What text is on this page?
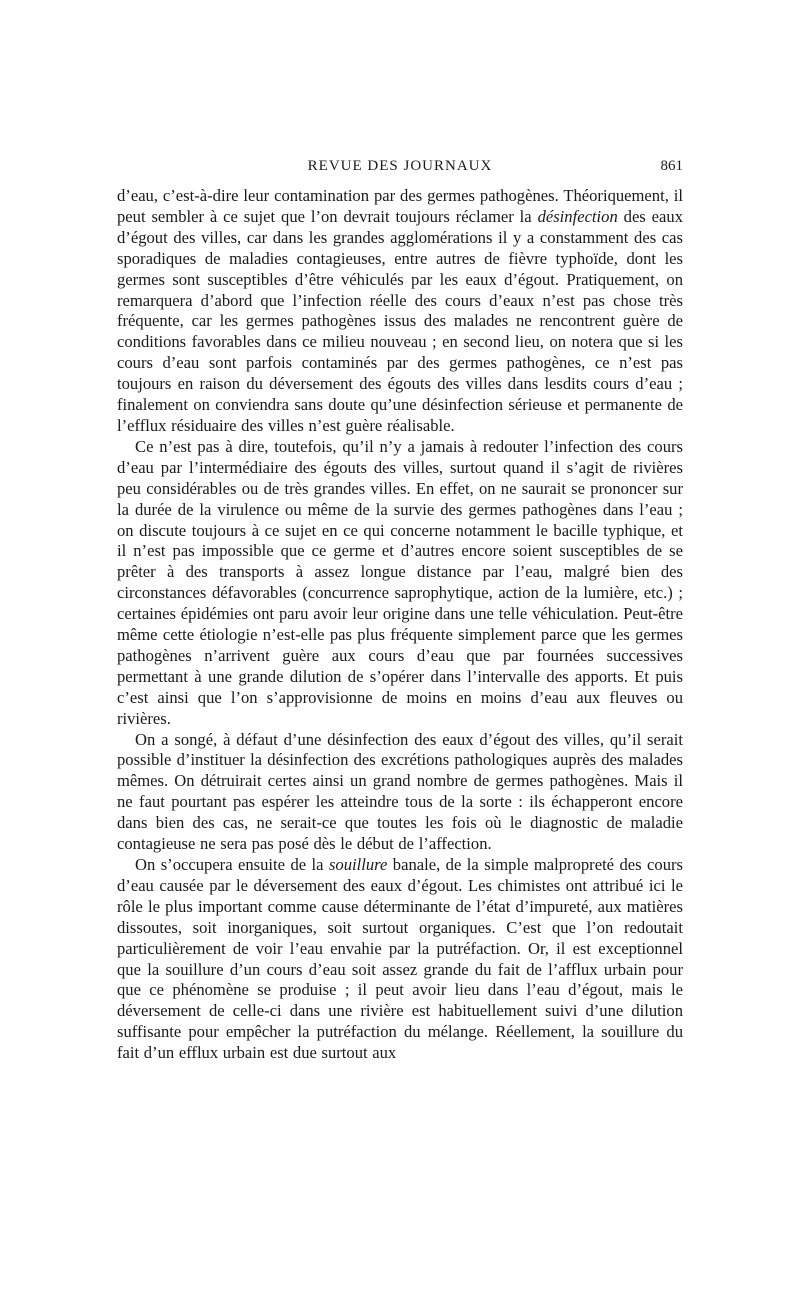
REVUE DES JOURNAUX	861

d’eau, c’est-à-dire leur contamination par des germes pathogènes. Théoriquement, il peut sembler à ce sujet que l’on devrait toujours réclamer la désinfection des eaux d’égout des villes, car dans les grandes agglomérations il y a constamment des cas sporadiques de maladies contagieuses, entre autres de fièvre typhoïde, dont les germes sont susceptibles d’être véhiculés par les eaux d’égout. Pratiquement, on remarquera d’abord que l’infection réelle des cours d’eaux n’est pas chose très fréquente, car les germes pathogènes issus des malades ne rencontrent guère de conditions favorables dans ce milieu nouveau ; en second lieu, on notera que si les cours d’eau sont parfois contaminés par des germes pathogènes, ce n’est pas toujours en raison du déversement des égouts des villes dans lesdits cours d’eau ; finalement on conviendra sans doute qu’une désinfection sérieuse et permanente de l’efflux résiduaire des villes n’est guère réalisable.

Ce n’est pas à dire, toutefois, qu’il n’y a jamais à redouter l’infection des cours d’eau par l’intermédiaire des égouts des villes, surtout quand il s’agit de rivières peu considérables ou de très grandes villes. En effet, on ne saurait se prononcer sur la durée de la virulence ou même de la survie des germes pathogènes dans l’eau ; on discute toujours à ce sujet en ce qui concerne notamment le bacille typhique, et il n’est pas impossible que ce germe et d’autres encore soient susceptibles de se prêter à des transports à assez longue distance par l’eau, malgré bien des circonstances défavorables (concurrence saprophytique, action de la lumière, etc.) ; certaines épidémies ont paru avoir leur origine dans une telle véhiculation. Peut-être même cette étiologie n’est-elle pas plus fréquente simplement parce que les germes pathogènes n’arrivent guère aux cours d’eau que par fournées successives permettant à une grande dilution de s’opérer dans l’intervalle des apports. Et puis c’est ainsi que l’on s’approvisionne de moins en moins d’eau aux fleuves ou rivières.

On a songé, à défaut d’une désinfection des eaux d’égout des villes, qu’il serait possible d’instituer la désinfection des excrétions pathologiques auprès des malades mêmes. On détruirait certes ainsi un grand nombre de germes pathogènes. Mais il ne faut pourtant pas espérer les atteindre tous de la sorte : ils échapperont encore dans bien des cas, ne serait-ce que toutes les fois où le diagnostic de maladie contagieuse ne sera pas posé dès le début de l’affection.

On s’occupera ensuite de la souillure banale, de la simple malpropreté des cours d’eau causée par le déversement des eaux d’égout. Les chimistes ont attribué ici le rôle le plus important comme cause déterminante de l’état d’impureté, aux matières dissoutes, soit inorganiques, soit surtout organiques. C’est que l’on redoutait particulièrement de voir l’eau envahie par la putréfaction. Or, il est exceptionnel que la souillure d’un cours d’eau soit assez grande du fait de l’afflux urbain pour que ce phénomène se produise ; il peut avoir lieu dans l’eau d’égout, mais le déversement de celle-ci dans une rivière est habituellement suivi d’une dilution suffisante pour empêcher la putréfaction du mélange. Réellement, la souillure du fait d’un efflux urbain est due surtout aux
